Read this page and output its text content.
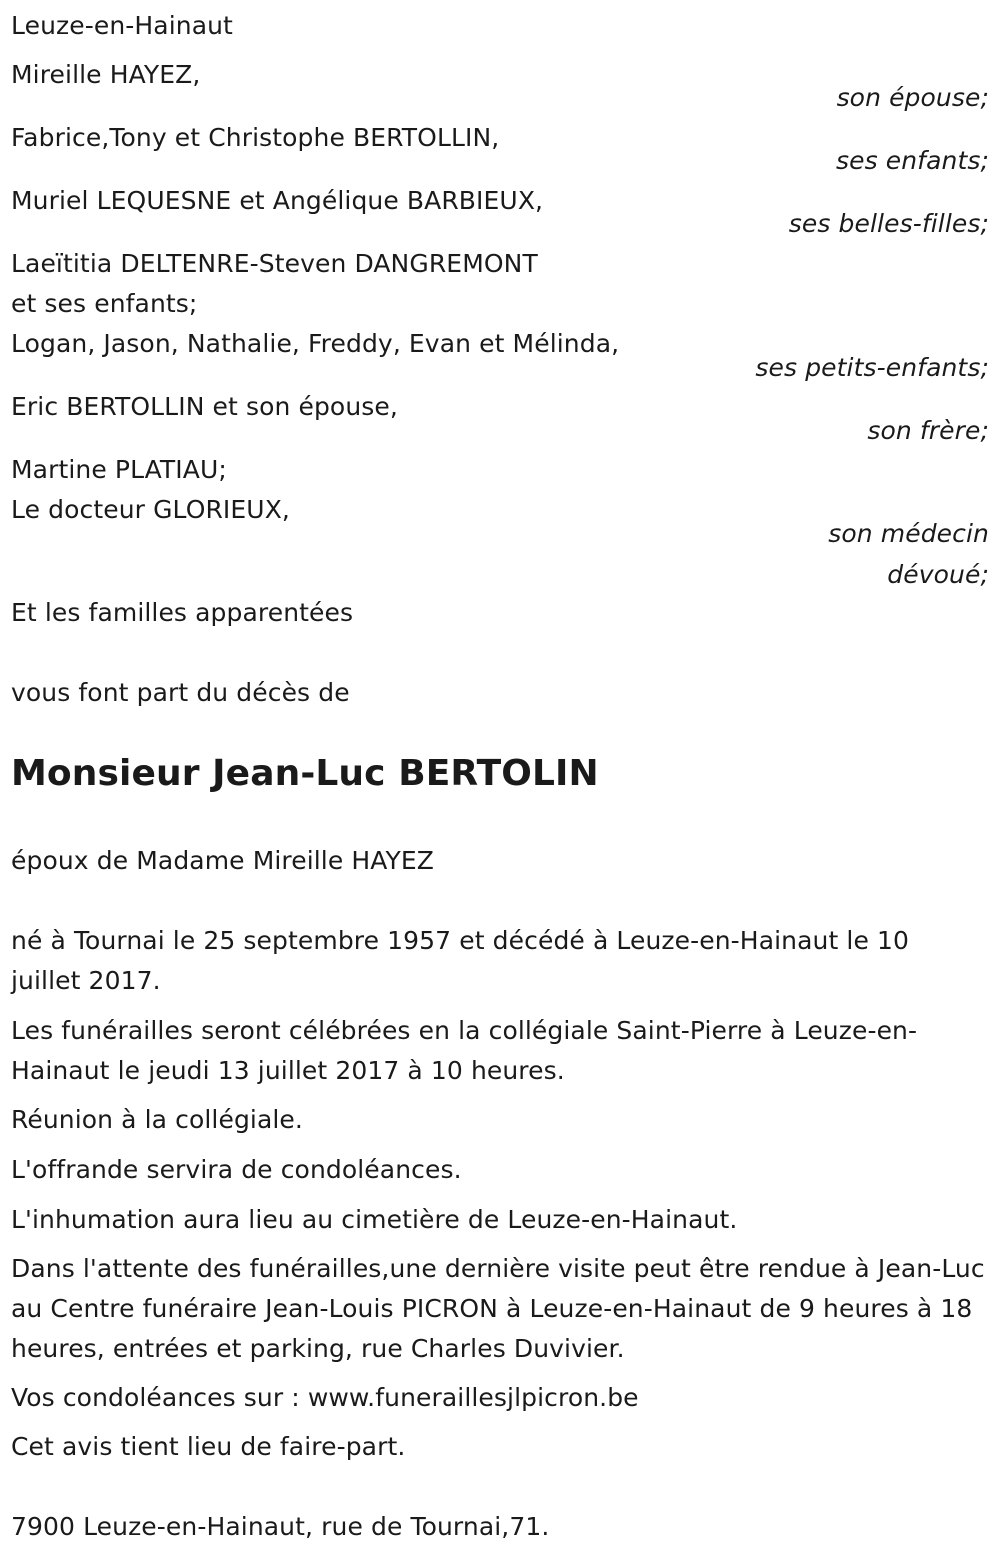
Leuze-en-Hainaut
Mireille HAYEZ,
son épouse;
Fabrice,Tony et Christophe BERTOLLIN,
ses enfants;
Muriel LEQUESNE et Angélique BARBIEUX,
ses belles-filles;
Laeïtitia DELTENRE-Steven DANGREMONT
et ses enfants;
Logan, Jason, Nathalie, Freddy, Evan et Mélinda,
ses petits-enfants;
Eric BERTOLLIN et son épouse,
son frère;
Martine PLATIAU;
Le docteur GLORIEUX,
son médecin
dévoué;
Et les familles apparentées
vous font part du décès de
Monsieur Jean-Luc BERTOLIN
époux de Madame Mireille HAYEZ
né à Tournai le 25 septembre 1957 et décédé à Leuze-en-Hainaut le 10 juillet 2017.
Les funérailles seront célébrées en la collégiale Saint-Pierre à Leuze-en-Hainaut le jeudi 13 juillet 2017 à 10 heures.
Réunion à la collégiale.
L'offrande servira de condoléances.
L'inhumation aura lieu au cimetière de Leuze-en-Hainaut.
Dans l'attente des funérailles,une dernière visite peut être rendue à Jean-Luc au Centre funéraire Jean-Louis PICRON à Leuze-en-Hainaut de 9 heures à 18 heures, entrées et parking, rue Charles Duvivier.
Vos condoléances sur : www.funeraillesjlpicron.be
Cet avis tient lieu de faire-part.
7900 Leuze-en-Hainaut, rue de Tournai,71.
